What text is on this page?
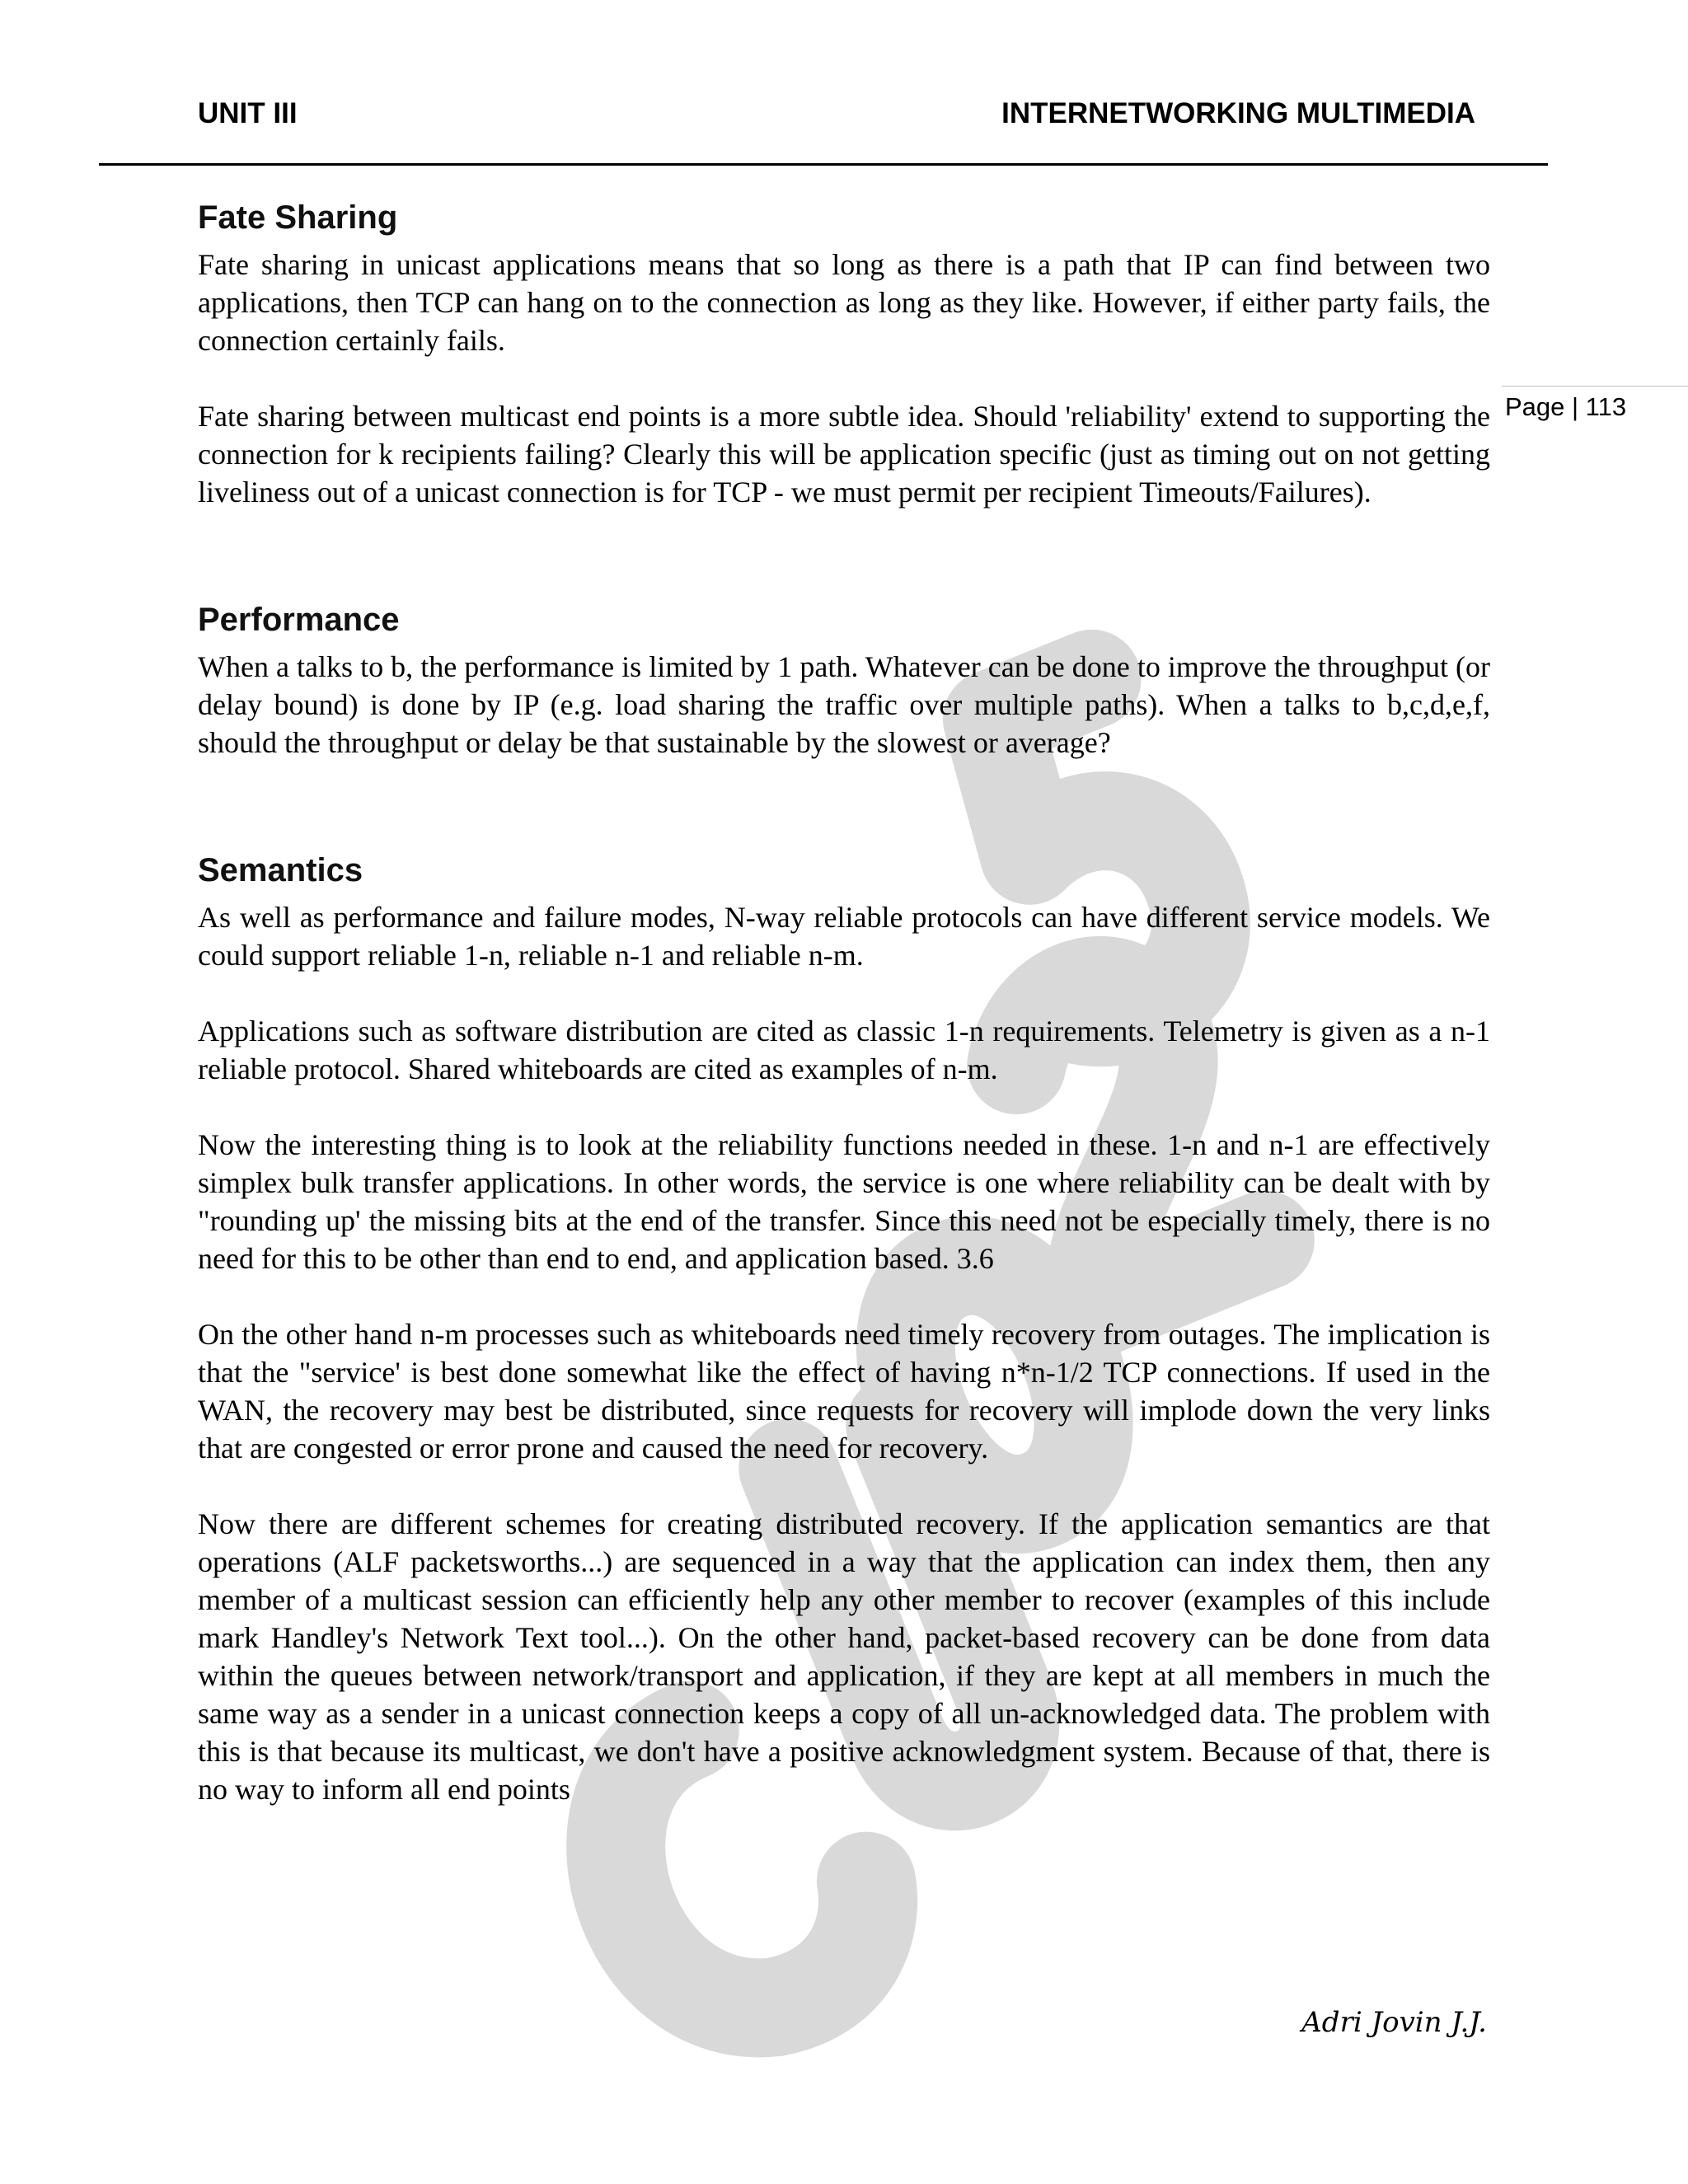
UNIT III	INTERNETWORKING MULTIMEDIA
Page | 113
CU025
Fate Sharing

Fate sharing in unicast applications means that so long as there is a path that IP can find between two applications, then TCP can hang on to the connection as long as they like. However, if either party fails, the connection certainly fails.

Fate sharing between multicast end points is a more subtle idea. Should 'reliability' extend to supporting the connection for k recipients failing? Clearly this will be application specific (just as timing out on not getting liveliness out of a unicast connection is for TCP - we must permit per recipient Timeouts/Failures).

Performance

When a talks to b, the performance is limited by 1 path. Whatever can be done to improve the throughput (or delay bound) is done by IP (e.g. load sharing the traffic over multiple paths). When a talks to b,c,d,e,f, should the throughput or delay be that sustainable by the slowest or average?

Semantics

As well as performance and failure modes, N-way reliable protocols can have different service models. We could support reliable 1-n, reliable n-1 and reliable n-m.

Applications such as software distribution are cited as classic 1-n requirements. Telemetry is given as a n-1 reliable protocol. Shared whiteboards are cited as examples of n-m.

Now the interesting thing is to look at the reliability functions needed in these. 1-n and n-1 are effectively simplex bulk transfer applications. In other words, the service is one where reliability can be dealt with by "rounding up' the missing bits at the end of the transfer. Since this need not be especially timely, there is no need for this to be other than end to end, and application based. 3.6

On the other hand n-m processes such as whiteboards need timely recovery from outages. The implication is that the "service' is best done somewhat like the effect of having n*n-1/2 TCP connections. If used in the WAN, the recovery may best be distributed, since requests for recovery will implode down the very links that are congested or error prone and caused the need for recovery.

Now there are different schemes for creating distributed recovery. If the application semantics are that operations (ALF packetsworths...) are sequenced in a way that the application can index them, then any member of a multicast session can efficiently help any other member to recover (examples of this include mark Handley's Network Text tool...). On the other hand, packet-based recovery can be done from data within the queues between network/transport and application, if they are kept at all members in much the same way as a sender in a unicast connection keeps a copy of all un-acknowledged data. The problem with this is that because its multicast, we don't have a positive acknowledgment system. Because of that, there is no way to inform all end points

Adri Jovin J.J.
